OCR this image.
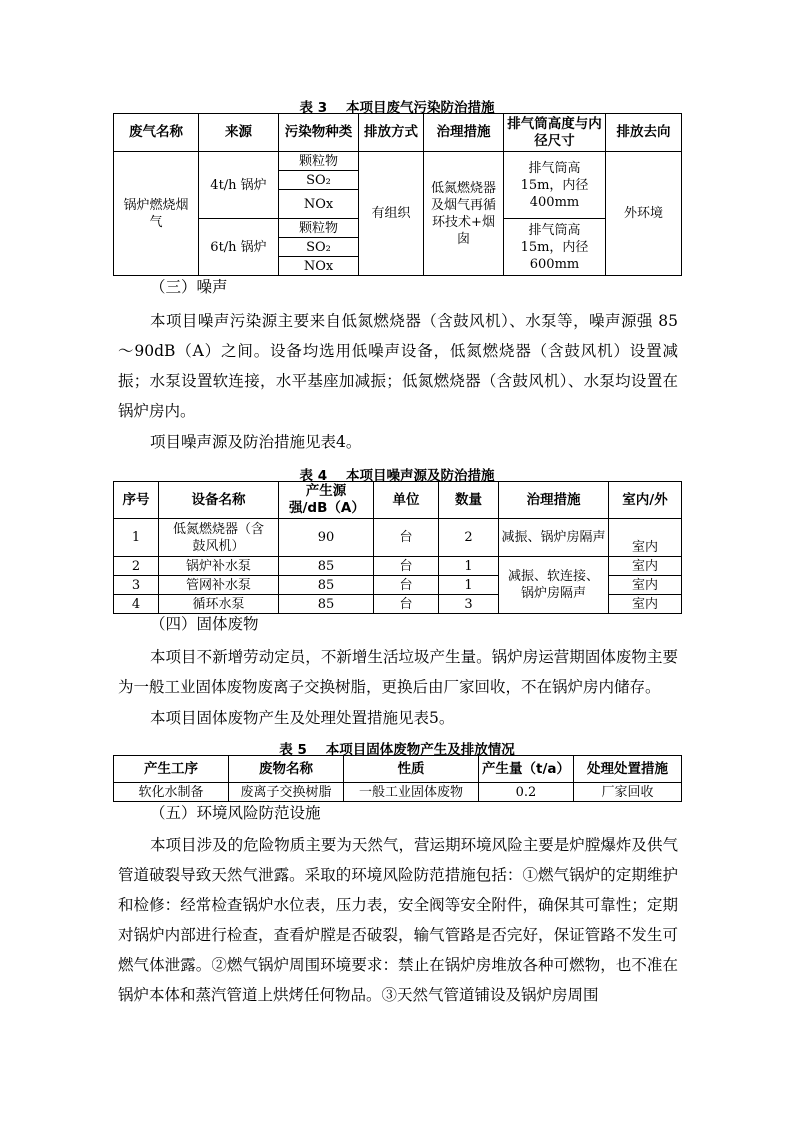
表 3    本项目废气污染防治措施
废气名称	来源	污染物种类	排放方式	治理措施	排气筒高度与内径尺寸	排放去向
锅炉燃烧烟气	4t/h 锅炉	颗粒物	有组织	低氮燃烧器及烟气再循环技术+烟囱	排气筒高 15m，内径 400mm	外环境
		SO₂				
		NOx				
	6t/h 锅炉	颗粒物			排气筒高 15m，内径 600mm	
		SO₂				
		NOx				
（三）噪声
本项目噪声污染源主要来自低氮燃烧器（含鼓风机）、水泵等，噪声源强 85～90dB（A）之间。设备均选用低噪声设备，低氮燃烧器（含鼓风机）设置减振；水泵设置软连接，水平基座加减振；低氮燃烧器（含鼓风机）、水泵均设置在锅炉房内。
项目噪声源及防治措施见表4。
表 4    本项目噪声源及防治措施
序号	设备名称	产生源强/dB（A）	单位	数量	治理措施	室内/外
1	低氮燃烧器（含鼓风机）	90	台	2	减振、锅炉房隔声	室内
2	锅炉补水泵	85	台	1	减振、软连接、锅炉房隔声	室内
3	管网补水泵	85	台	1		室内
4	循环水泵	85	台	3		室内
（四）固体废物
本项目不新增劳动定员，不新增生活垃圾产生量。锅炉房运营期固体废物主要为一般工业固体废物废离子交换树脂，更换后由厂家回收，不在锅炉房内储存。
本项目固体废物产生及处理处置措施见表5。
表 5    本项目固体废物产生及排放情况
产生工序	废物名称	性质	产生量（t/a）	处理处置措施
软化水制备	废离子交换树脂	一般工业固体废物	0.2	厂家回收
（五）环境风险防范设施
本项目涉及的危险物质主要为天然气，营运期环境风险主要是炉膛爆炸及供气管道破裂导致天然气泄露。采取的环境风险防范措施包括：①燃气锅炉的定期维护和检修：经常检查锅炉水位表，压力表，安全阀等安全附件，确保其可靠性；定期对锅炉内部进行检查，查看炉膛是否破裂，输气管路是否完好，保证管路不发生可燃气体泄露。②燃气锅炉周围环境要求：禁止在锅炉房堆放各种可燃物，也不准在锅炉本体和蒸汽管道上烘烤任何物品。③天然气管道铺设及锅炉房周围
